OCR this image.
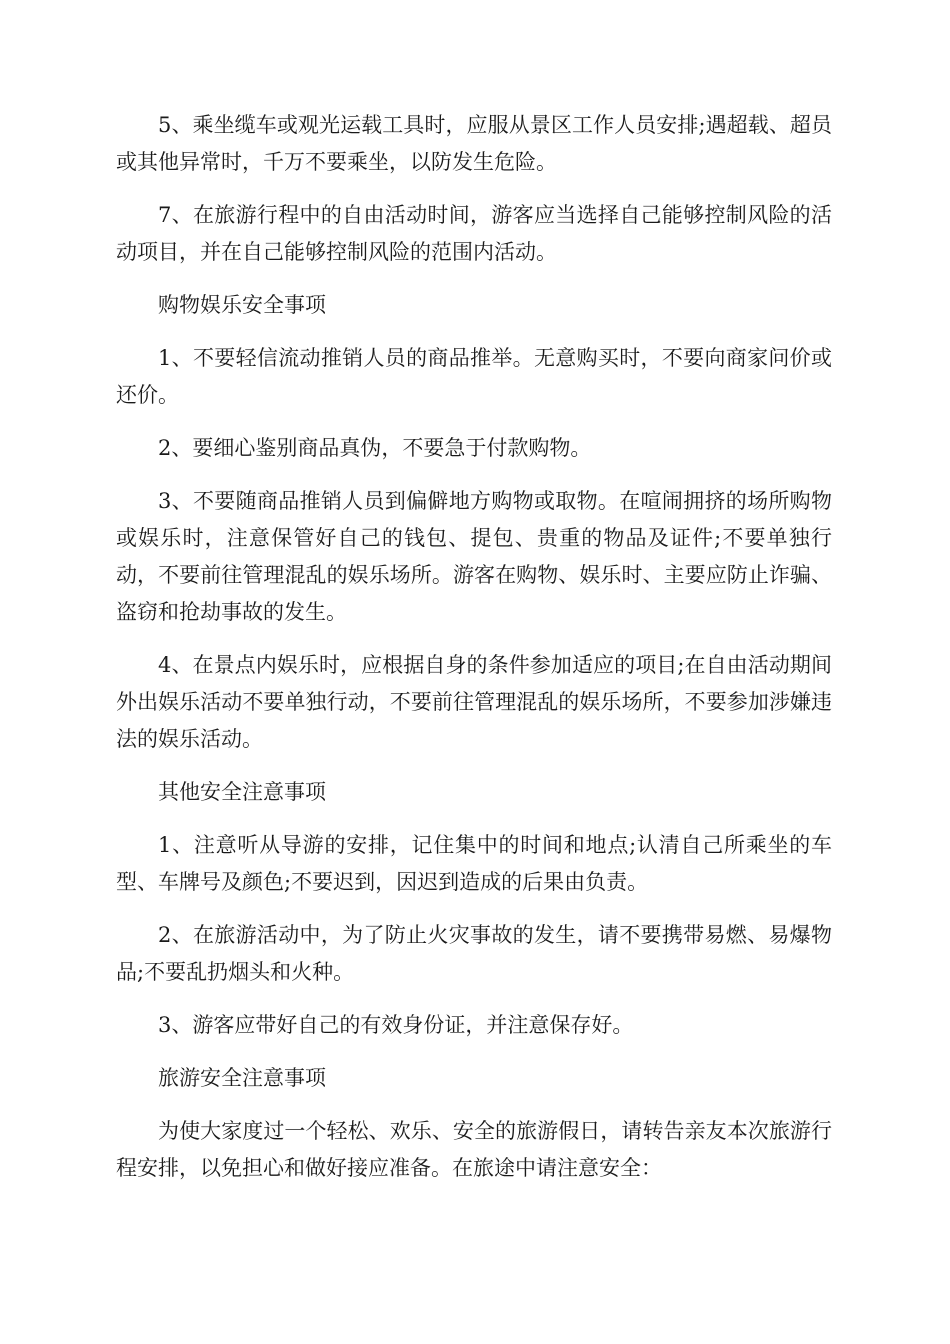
5、乘坐缆车或观光运载工具时，应服从景区工作人员安排;遇超载、超员或其他异常时，千万不要乘坐，以防发生危险。

7、在旅游行程中的自由活动时间，游客应当选择自己能够控制风险的活动项目，并在自己能够控制风险的范围内活动。

购物娱乐安全事项

1、不要轻信流动推销人员的商品推举。无意购买时，不要向商家问价或还价。

2、要细心鉴别商品真伪，不要急于付款购物。

3、不要随商品推销人员到偏僻地方购物或取物。在喧闹拥挤的场所购物或娱乐时，注意保管好自己的钱包、提包、贵重的物品及证件;不要单独行动，不要前往管理混乱的娱乐场所。游客在购物、娱乐时、主要应防止诈骗、盗窃和抢劫事故的发生。

4、在景点内娱乐时，应根据自身的条件参加适应的项目;在自由活动期间外出娱乐活动不要单独行动，不要前往管理混乱的娱乐场所，不要参加涉嫌违法的娱乐活动。

其他安全注意事项

1、注意听从导游的安排，记住集中的时间和地点;认清自己所乘坐的车型、车牌号及颜色;不要迟到，因迟到造成的后果由负责。

2、在旅游活动中，为了防止火灾事故的发生，请不要携带易燃、易爆物品;不要乱扔烟头和火种。

3、游客应带好自己的有效身份证，并注意保存好。

旅游安全注意事项

为使大家度过一个轻松、欢乐、安全的旅游假日，请转告亲友本次旅游行程安排，以免担心和做好接应准备。在旅途中请注意安全：
